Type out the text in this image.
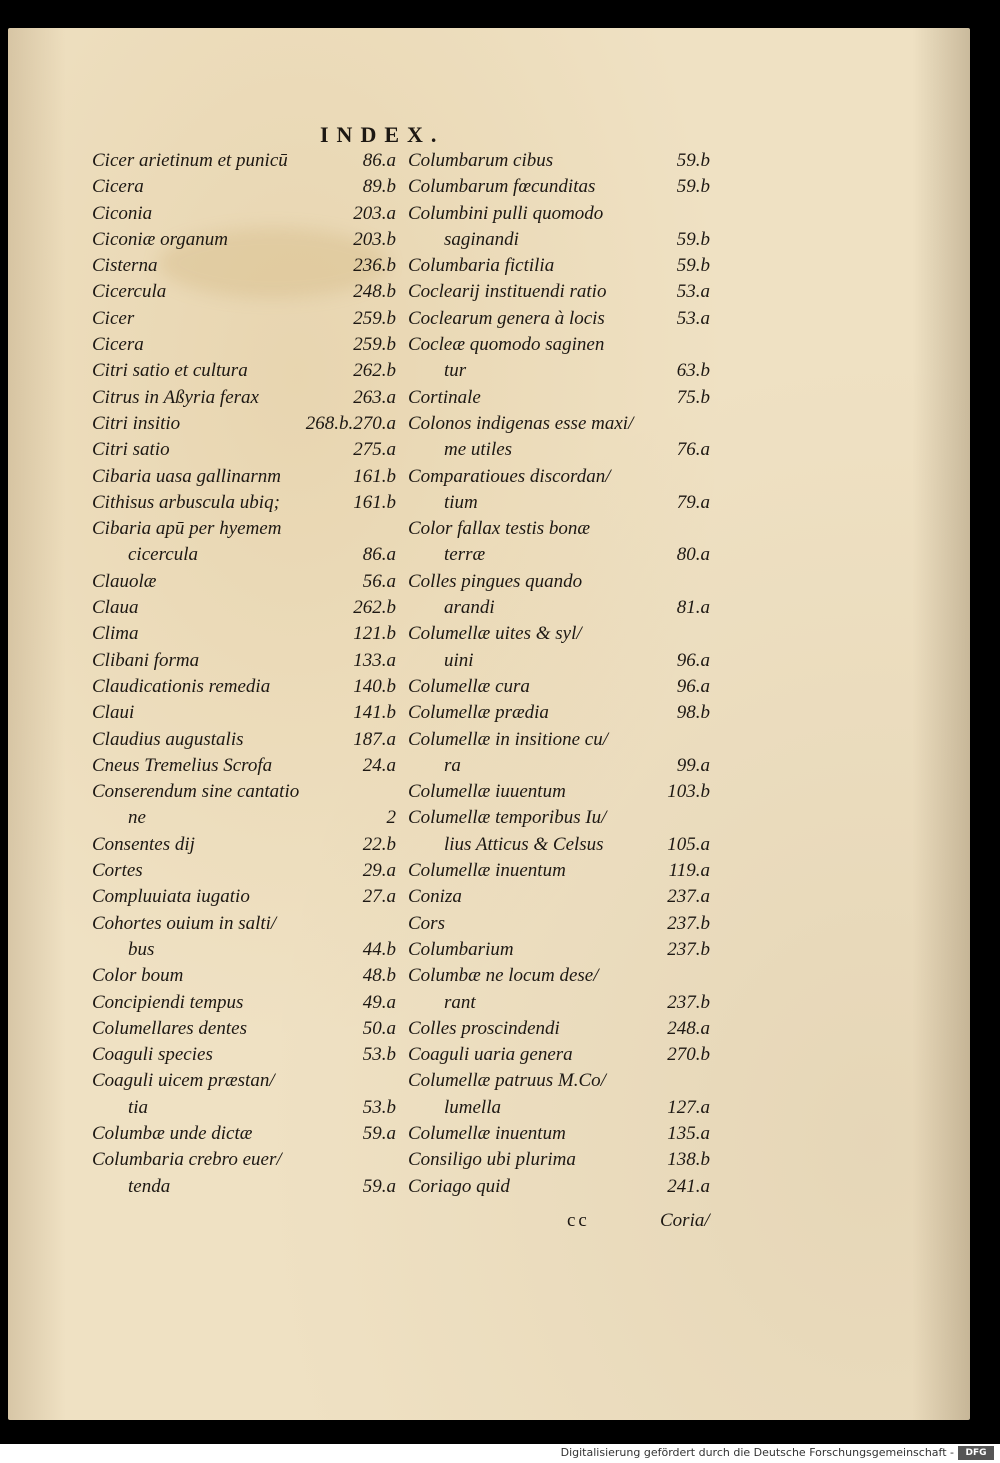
INDEX.
Cicer arietinum et punicū	86.a
Cicera	89.b
Ciconia	203.a
Ciconiæ organum	203.b
Cisterna	236.b
Cicercula	248.b
Cicer	259.b
Cicera	259.b
Citri satio et cultura	262.b
Citrus in Aßyria ferax	263.a
Citri insitio	268.b.270.a
Citri satio	275.a
Cibaria uasa gallinarnm	161.b
Cithisus arbuscula ubiq;	161.b
Cibaria apū per hyemem
cicercula	86.a
Clauolæ	56.a
Claua	262.b
Clima	121.b
Clibani forma	133.a
Claudicationis remedia	140.b
Claui	141.b
Claudius augustalis	187.a
Cneus Tremelius Scrofa	24.a
Conserendum sine cantatio
ne	2
Consentes dij	22.b
Cortes	29.a
Compluuiata iugatio	27.a
Cohortes ouium in salti/
bus	44.b
Color boum	48.b
Concipiendi tempus	49.a
Columellares dentes	50.a
Coaguli species	53.b
Coaguli uicem præstan/
tia	53.b
Columbæ unde dictæ	59.a
Columbaria crebro euer/
tenda	59.a
Columbarum cibus	59.b
Columbarum fœcunditas	59.b
Columbini pulli quomodo
saginandi	59.b
Columbaria fictilia	59.b
Coclearij instituendi ratio	53.a
Coclearum genera à locis	53.a
Cocleæ quomodo saginen
tur	63.b
Cortinale	75.b
Colonos indigenas esse maxi/
me utiles	76.a
Comparatioues discordan/
tium	79.a
Color fallax testis bonæ
terræ	80.a
Colles pingues quando
arandi	81.a
Columellæ uites & syl/
uini	96.a
Columellæ cura	96.a
Columellæ prædia	98.b
Columellæ in insitione cu/
ra	99.a
Columellæ iuuentum	103.b
Columellæ temporibus Iu/
lius Atticus & Celsus	105.a
Columellæ inuentum	119.a
Coniza	237.a
Cors	237.b
Columbarium	237.b
Columbæ ne locum dese/
rant	237.b
Colles proscindendi	248.a
Coaguli uaria genera	270.b
Columellæ patruus M.Co/
lumella	127.a
Columellæ inuentum	135.a
Consiligo ubi plurima	138.b
Coriago quid	241.a
cc	Coria/
Digitalisierung gefördert durch die Deutsche Forschungsgemeinschaft -	DFG
